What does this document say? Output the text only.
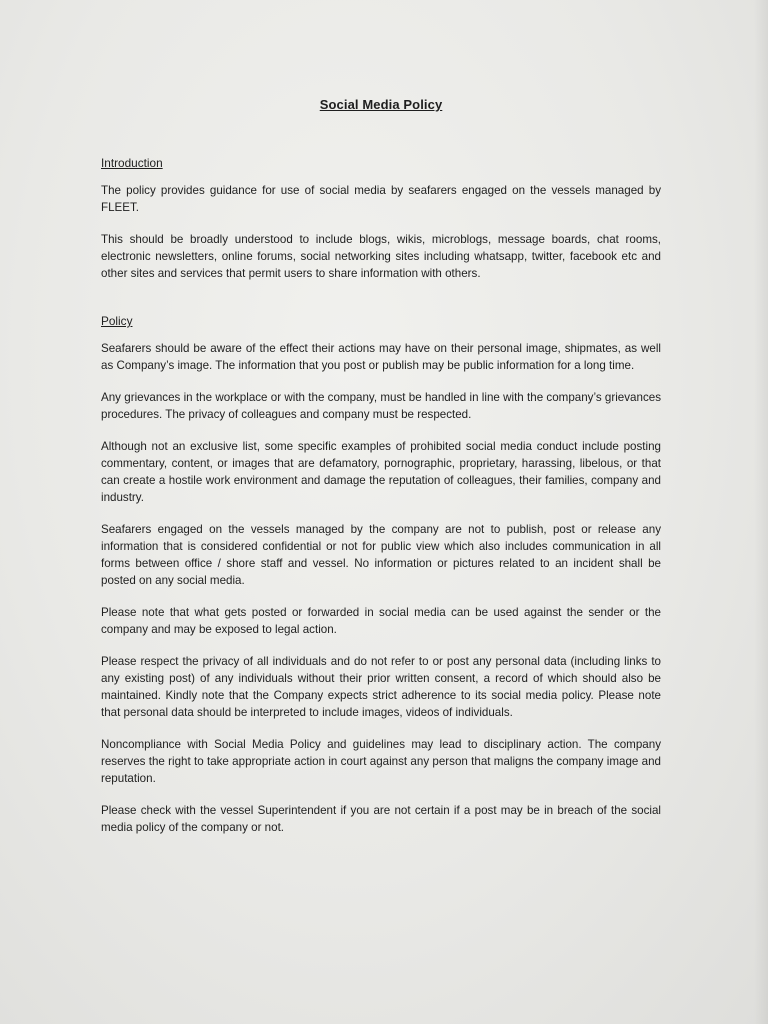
Social Media Policy
Introduction

The policy provides guidance for use of social media by seafarers engaged on the vessels managed by FLEET.

This should be broadly understood to include blogs, wikis, microblogs, message boards, chat rooms, electronic newsletters, online forums, social networking sites including whatsapp, twitter, facebook etc and other sites and services that permit users to share information with others.

Policy

Seafarers should be aware of the effect their actions may have on their personal image, shipmates, as well as Company’s image. The information that you post or publish may be public information for a long time.

Any grievances in the workplace or with the company, must be handled in line with the company’s grievances procedures. The privacy of colleagues and company must be respected.

Although not an exclusive list, some specific examples of prohibited social media conduct include posting commentary, content, or images that are defamatory, pornographic, proprietary, harassing, libelous, or that can create a hostile work environment and damage the reputation of colleagues, their families, company and industry.

Seafarers engaged on the vessels managed by the company are not to publish, post or release any information that is considered confidential or not for public view which also includes communication in all forms between office / shore staff and vessel. No information or pictures related to an incident shall be posted on any social media.

Please note that what gets posted or forwarded in social media can be used against the sender or the company and may be exposed to legal action.

Please respect the privacy of all individuals and do not refer to or post any personal data (including links to any existing post) of any individuals without their prior written consent, a record of which should also be maintained. Kindly note that the Company expects strict adherence to its social media policy. Please note that personal data should be interpreted to include images, videos of individuals.

Noncompliance with Social Media Policy and guidelines may lead to disciplinary action. The company reserves the right to take appropriate action in court against any person that maligns the company image and reputation.

Please check with the vessel Superintendent if you are not certain if a post may be in breach of the social media policy of the company or not.
